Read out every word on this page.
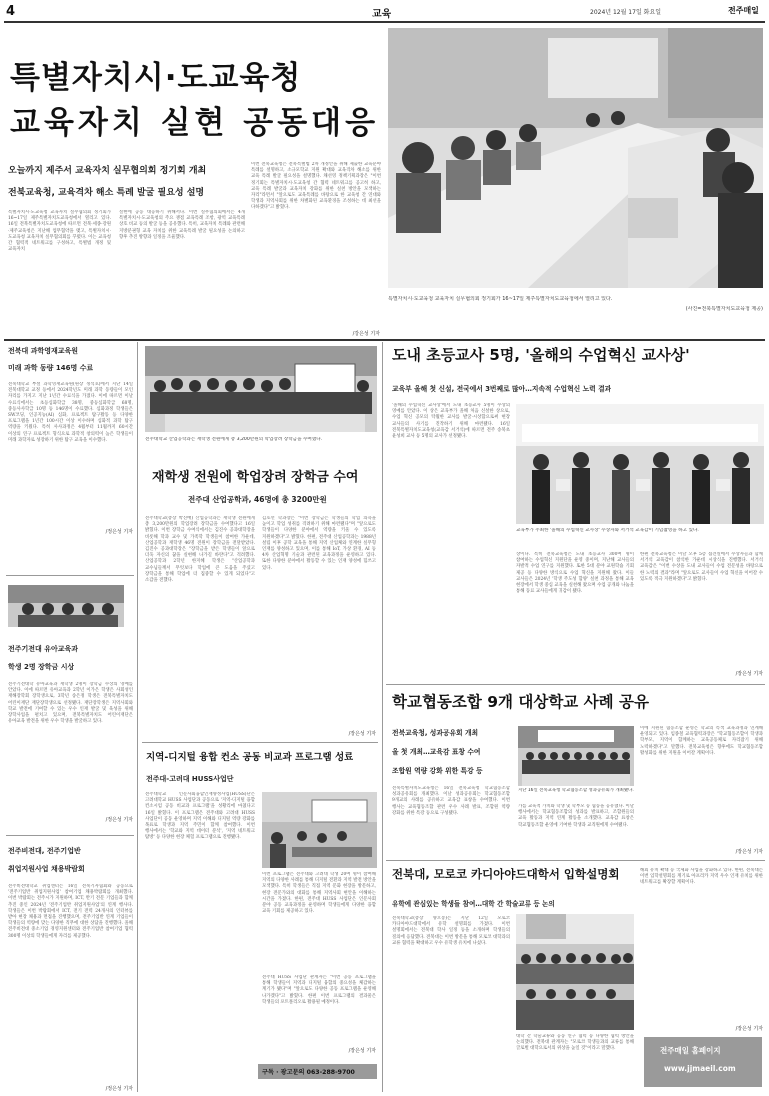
4	교육	2024년 12월 17일 화요일	전주매일
특별자치시·도교육청
교육자치 실현 공동대응
오늘까지 제주서 교육자치 실무협의회 정기회 개최
전북교육청, 교육격차 해소 특례 발굴 필요성 설명
특별자치시·도교육청 교육자치 실무협의회 정기회가 16~17일 제주특별자치도교육청에서 열리고 있다. 16일 전북특별자치도교육청에 따르면 전북·세종·강원·제주교육청은 지난해 업무협약을 맺고, 특별자치시·도교육청 교육자치 실무협의회를 꾸렸다. 이는 교육청 간 협력적 네트워크를 구성하고, 특별법 개정 및 교육자치
실현에 공동 대응하기 위해서다. 이번 실무협의회에서는 4개 특별자치시·도교육청의 주요 쟁점 교육특례 조항, 광역 교육특례 상호 비교 등의 발굴 등을 공유했다. 특히, 교육자치 특례와 관련해 지방분권형 교육 자치를 위한 교육특례 발굴 필요성을 논의하고 향후 추진 방향과 일정을 조율했다.
이번 전북교육청은 전북특별법 2차 개정안을 위해 제출한 교육분야 특례를 설명하고, 소규모학교 지원 확대와 교육격차 해소를 위한 교육 특례 발굴 필요성을 설명했다. 채선영 정책기획과장은 "이번 정기회는 특별자치시·도교육청 간 협력 네트워크를 공고히 하고, 교육 특례 발굴과 교육자치 강화를 위한 실천 방안을 모색하는 자리"라면서 "앞으로도 교육특례를 바탕으로 한 교육청 간 연대와 학생과 지역사회를 위한 차별화된 교육환경을 조성하는 데 최선을 다하겠다"고 밝혔다.
/강은성 기자
특별자치시·도교육청 교육자치 실무협의회 정기회가 16~17일 제주특별자치도교육청에서 열리고 있다.
(사진=전북특별자치도교육청 제공)
전북대 과학영재교육원
미래 과학 동량 146명 수료
전북대학교 부설 과학영재교육원(원장 정석호)에서 지난 14일 전북대학교 교정 등에서 2024학년도 미래 과학 동량들이 모인 자리를 가지고 지난 1년간 수료식을 가졌다. 이에 따르면 이날 수료식에서는 초등심화학급 38명, 중등심화학급 68명, 중등사사학급 10명 등 146명이 수료했다. 심화과정 학생들은 SW코딩, 인공지능(AI) 심화, 프로젝트 탐구활동 등 다양한 프로그램을 1년간 100시간 이상 이수하며 심화적 과학 탐구 역량을 키웠다. 특히 사사과정은 4월부터 11월까지 60시간 이상의 연구 프로젝트 형식으로 과학적 창의력이 높은 학생들이 미래 과학자로 성장하기 위한 탐구 교육을 이수했다.
/정은성 기자
전주기전대 유아교육과
학생 2명 장학금 시상
전주기전대학 유아교육과 재학생 2명이 장학금 수상의 영예를 안았다. 이에 따르면 유아교육과 2학년 이가은 학생은 사회성인 재해장학회 장학생으로, 3학년 송은정 학생은 전북특별자치도 어린이재단 재단장학생으로 선정됐다. 재단장학생은 지역사회와 학교 발전에 기여할 수 있는 우수 인재 발굴 및 육성을 위해 장학사업을 펼치고 있으며, 전북특별자치도 어린이재단은 유아교육 발전을 위한 우수 학생을 발굴하고 있다.
/정은성 기자
전주비전대, 전주기업반
취업지원사업 채용박람회
전주비전대학교 취업센터는 16일 전북기자협회와 공동으로 '전주기업반 취업지원사업' 참여기업 채용박람회를 개최했다. 이번 박람회는 전주시가 지원하며, ICT, 반기 전문 기업들과 함께 추진 중인 2024년 '전주기업반 취업지원사업'의 연계 행사다. 학생들은 이번 박람회에서 ICT, 전기 전력 24개사의 인터뷰를 받아 현장 채용과 면접을 진행했으며, 전주기업반 연계 기업들이 학생들의 역량에 맞는 다양한 직무에 대한 상담을 진행했다. 올해 전주비전대 중소기업 경영지원센터와 전주기업반 참여기업 협력 300명 이상의 학생들에게 자리를 제공했다.
/정은성 기자
전주대학교 산업공학과는 재학생 전원에게 총 3,200만원의 학업장려 장학금을 수여했다.
재학생 전원에 학업장려 장학금 수여
전주대 산업공학과, 46명에 총 3200만원
전주대학교(총장 박진배) 산업공학과는 재학생 전원에게 총 3,200만원의 학업장려 장학금을 수여했다고 16일 밝혔다. 이번 장학금 수여식에서는 김진수 공과대학장을 비롯해 학과 교수 및 가족학 학생들이 참여한 가운데, 산업공학과 재학생 46명 전원이 장학금을 전달받았다. 김진수 공과대학장은 "장학금을 받은 학생들이 앞으로 더욱 자신의 꿈을 실현해 나가길 바란다"고 격려했다. 산업공학과 2학년 한지혜 학생은 "산업공학과 교수님들께서 무엇보다 학업에 큰 도움을 주셨고 장학금을 통해 학업에 더 집중할 수 있게 되었다"고 소감을 전했다.
김호선 학과장은 "이번 장학금은 학생들의 학업 의욕을 높이고 학업 성취를 격려하기 위해 마련됐다"며 "앞으로도 학생들이 다양한 분야에서 역량을 키울 수 있도록 지원하겠다"고 밝혔다. 한편, 전주대 산업공학과는 1988년 설립 이후 공학 교육을 통해 지역 산업체와 연계한 실무형 인재를 양성하고 있으며, 이를 통해 IoT, 가상 환경, AI 등 4차 산업혁명 기술과 관련된 교육과정을 운영하고 있다. 또한 다양한 분야에서 활동할 수 있는 인재 양성에 힘쓰고 있다.
/장은성 기자
지역-디지털 융합 컨소 공동 비교과 프로그램 성료
전주대-고려대 HUSS사업단
전주대학교 인문사회융합인재양성사업(HUSS)단은 고려대학교 HUSS 사업단과 공동으로 '지역-디지털 융합 컨소시엄 공동 비교과 프로그램'을 성황리에 마쳤다고 16일 밝혔다. 이 프로그램은 전주대와 고려대 HUSS 사업단이 공동 운영하며 지역 이해와 디지털 역량 강화를 목표로 학생과 지역 주민이 함께 참여했다. 이번 행사에서는 '학교와 지역 데이터 분석', '지역 네트워크 탐방' 등 다양한 현장 체험 프로그램으로 진행됐다.
이번 프로그램은 전주대와 고려대 학생 20여 명이 참여해 지역의 다양한 사례를 통해 디지털 전환과 지역 발전 방안을 모색했다. 특히 학생들은 직접 지역 문화 현장을 방문하고, 현장 전문가와의 대화를 통해 지역사회 현안을 이해하는 시간을 가졌다. 한편, 전주대 HUSS 사업단은 인문사회 분야 공동 교육과정을 운영하며 학생들에게 다양한 융합 교육 기회를 제공하고 있다.
전주대 HUSS 사업단 관계자는 "이번 공동 프로그램을 통해 학생들이 지역과 디지털 융합의 중요성을 체감하는 계기가 됐다"며 "앞으로도 다양한 공동 프로그램을 운영해 나가겠다"고 밝혔다. 한편 이번 프로그램의 결과물은 학생들의 포트폴리오로 활용될 예정이다.
/장은성 기자
구독 · 광고문의 063-288-9700
도내 초등교사 5명, '올해의 수업혁신 교사상'
교육부 올해 첫 신설, 전국에서 3번째로 많아…지속적 수업혁신 노력 결과
'올해의 수업혁신 교사상'에서 도내 초등교사 5명이 수상의 영예를 안았다. 이 상은 교육부가 올해 처음 신설한 상으로, 수업 혁신 공모의 탁월한 교사를 발굴·시상함으로써 현장 교사들의 사기를 진작하기 위해 마련됐다. 16일 전북특별자치도교육청(교육감 서거석)에 따르면 전주 송북초 윤성희 교사 등 5명의 교사가 선정됐다.
교육부가 주최한 '올해의 수업혁신 교사상' 수상자와 서거석 교육감이 기념촬영을 하고 있다.
상이다. 특히 전북교육청은 도내 초등교사 300여 명이 참여하는 수업혁신 지원단을 운영 중이며, 지난해 교사들의 자발적 수업 연구를 지원했다. 또한 5대 분야 교원학습 기회 제공 등 다양한 방식으로 수업 혁신을 지원해 왔다. 이들 교사들은 2024년 '학생 주도성 함양' 실천 과정을 통해 교육 현장에서 학생 중심 교육을 실천해 왔으며 수업 공개와 나눔을 통해 동료 교사들에게 귀감이 됐다.
한편 전북교육청은 이날 오후 5층 접견실에서 수상자들과 함께 서거석 교육감이 참석한 가운데 시상식을 진행했다. 서거석 교육감은 "이번 수상을 도내 교사들이 수업 전문성을 바탕으로 한 노력의 결과"라며 "앞으로도 교사들이 수업 혁신을 이어갈 수 있도록 적극 지원하겠다"고 밝혔다.
/장은성 기자
학교협동조합 9개 대상학교 사례 공유
전북교육청, 성과공유회 개최
올 첫 개최…교육감 표창 수여
조합원 역량 강화 위한 특강 등
전북특별자치도교육청은 16일 전북교육청 학교협동조합 성과공유회를 개최했다. 이날 성과공유회는 학교협동조합 9개교의 사례를 공유하고 교육감 표창을 수여했다. 이번 행사는 교육협동조합 관련 우수 사례 발표, 조합원 역량 강화를 위한 특강 등으로 구성됐다.
지난 16일 전북교육청 학교협동조합 성과공유회가 개최됐다.
가를 교육적 가치와 학생 및 학부모 등 협동을 공유했다. 이날 행사에서는 학교협동조합의 성과를 발표하고, 조합원들의 교육 활동과 지역 연계 활동을 소개했다. 교육감 표창은 학교협동조합 운영에 기여한 학생과 교직원에게 수여됐다.
이에 지원된 협동조합 운영은 학교의 특색 교육과정과 연계해 운영되고 있다. 임종철 교육협력과장은 "학교협동조합이 학생과 학부모, 지역이 함께하는 교육공동체로 자리잡기 위해 노력하겠다"고 말했다. 전북교육청은 향후에도 학교협동조합 활성화를 위한 지원을 이어갈 계획이다.
/장은성 기자
전북대, 모로코 카디아야드대학서 입학설명회
유학에 관심있는 학생들 참여…대학 간 학술교류 등 논의
전북대학교(총장 양오봉)는 지난 12일 모로코 카디아야드대학에서 유학 설명회를 가졌다. 이번 설명회에서는 전북대 학사 일정 등을 소개하며 학생들의 질의에 응답했다. 전북대는 이번 방문을 통해 모로코 대학과의 교류 협력을 확대하고 우수 유학생 유치에 나섰다.
대학 간 학술교류와 공동 연구 협력 등 다양한 협력 방안을 논의했다. 전북대 관계자는 "모로코 학생들과의 교류를 통해 글로벌 대학으로서의 위상을 높일 것"이라고 말했다.
해외 유치 확대 등 국제화 사업을 강화하고 있다. 한편, 전북대는 이번 입학설명회를 계기로 아프리카 지역 우수 인재 유치를 위한 네트워크를 확장할 계획이다.
/장은성 기자
전주매일 홈페이지
www.jjmaeil.com
